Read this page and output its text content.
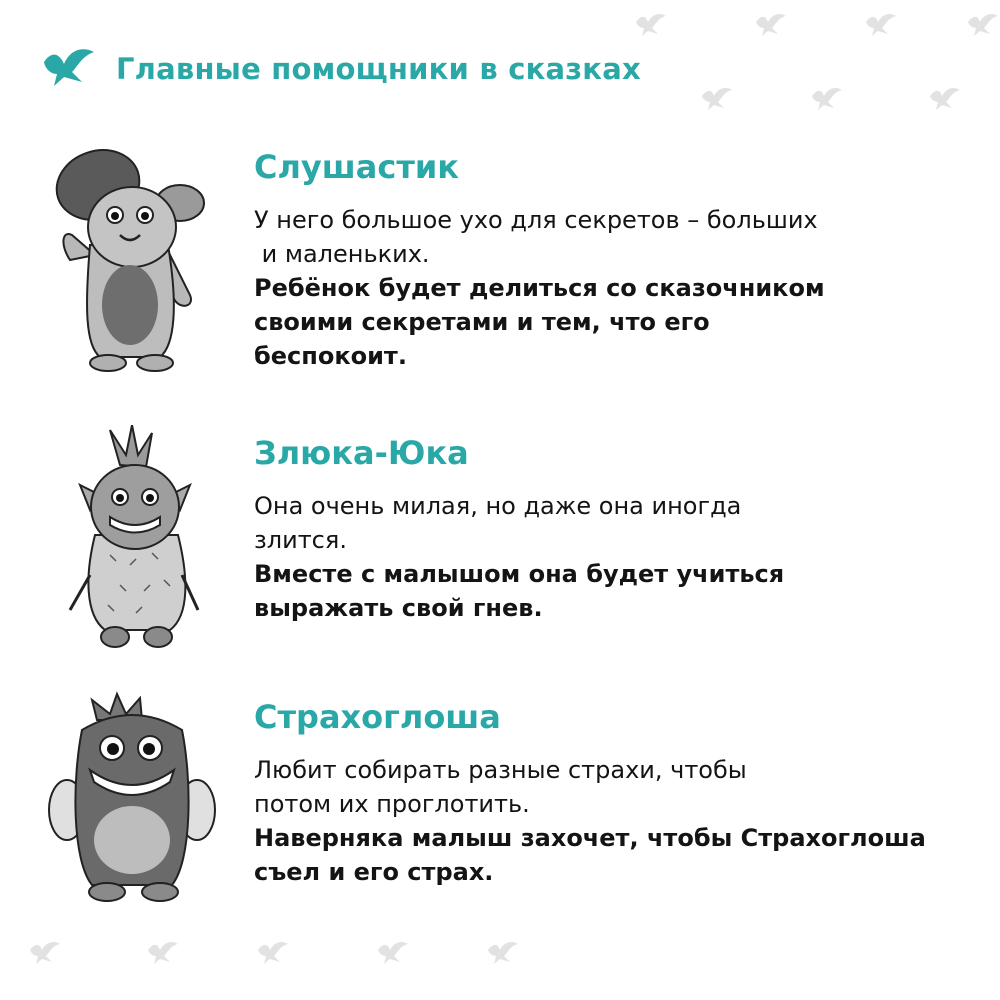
Главные помощники в сказках
Слушастик

У него большое ухо для секретов – больших

и маленьких.

Ребёнок будет делиться со сказочником

своими секретами и тем, что его

беспокоит.

Злюка-Юка

Она очень милая, но даже она иногда

злится.

Вместе с малышом она будет учиться

выражать свой гнев.

Страхоглоша

Любит собирать разные страхи, чтобы

потом их проглотить.

Наверняка малыш захочет, чтобы Страхоглоша

съел и его страх.
